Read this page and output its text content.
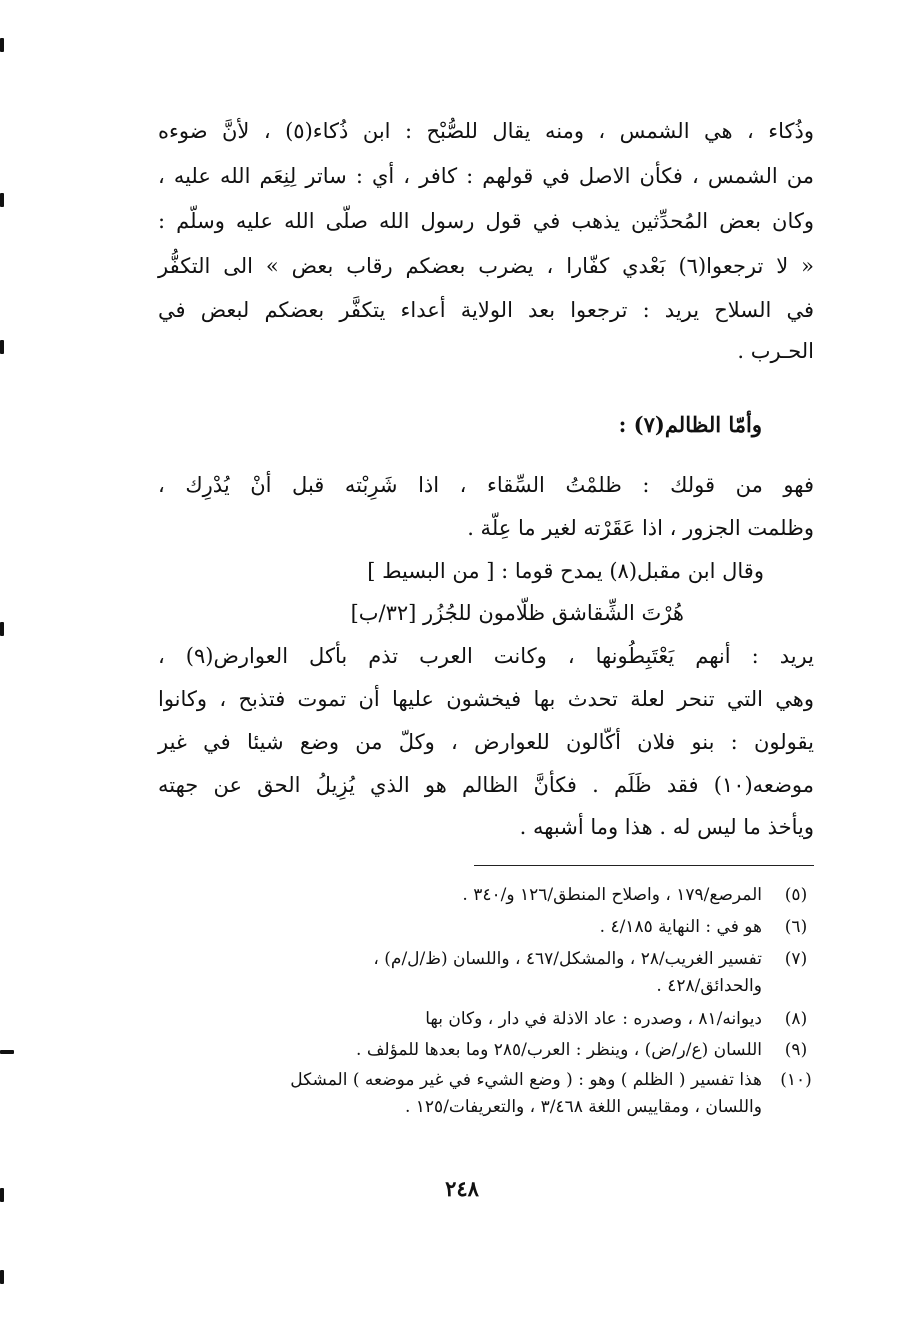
وذُكاء ، هي الشمس ، ومنه يقال للصُّبْح : ابن ذُكاء(٥) ، لأنَّ ضوءه
من الشمس ، فكأن الاصل في قولهم : كافر ، أي : ساتر لِنِعَم الله عليه ،
وكان بعض المُحدِّثين يذهب في قول رسول الله صلّى الله عليه وسلّم :
« لا ترجعوا(٦) بَعْدي كفّارا ، يضرب بعضكم رقاب بعض » الى التكفُّر
في السلاح يريد : ترجعوا بعد الولاية أعداء يتكفَّر بعضكم لبعض في
الحـرب .
وأمّا الظالم(٧) :
فهو من قولك : ظلمْتُ السِّقاء ، اذا شَرِبْته قبل أنْ يُدْرِك ،
وظلمت الجزور ، اذا عَقَرْته لغير ما عِلّة .
وقال ابن مقبل(٨) يمدح قوما : [ من البسيط ]
هُرْتَ الشِّقاشق ظلّامون للجُزُر [٣٢/ب]
يريد : أنهم يَعْتَبِطُونها ، وكانت العرب تذم بأكل العوارض(٩) ،
وهي التي تنحر لعلة تحدث بها فيخشون عليها أن تموت فتذبح ، وكانوا
يقولون : بنو فلان أكّالون للعوارض ، وكلّ من وضع شيئا في غير
موضعه(١٠) فقد ظَلَم . فكأنَّ الظالم هو الذي يُزِيلُ الحق عن جهته
ويأخذ ما ليس له . هذا وما أشبهه .
(٥)
المرصع/١٧٩ ، واصلاح المنطق/١٢٦ و/٣٤٠ .
(٦)
هو في : النهاية ٤/١٨٥ .
(٧)
تفسير الغريب/٢٨ ، والمشكل/٤٦٧ ، واللسان (ظ/ل/م) ،
والحدائق/٤٢٨ .
(٨)
ديوانه/٨١ ، وصدره : عاد الاذلة في دار ، وكان بها
(٩)
اللسان (ع/ر/ض) ، وينظر : العرب/٢٨٥ وما بعدها للمؤلف .
(١٠)
هذا تفسير ( الظلم ) وهو : ( وضع الشيء في غير موضعه ) المشكل
واللسان ، ومقاييس اللغة ٣/٤٦٨ ، والتعريفات/١٢٥ .
٢٤٨
